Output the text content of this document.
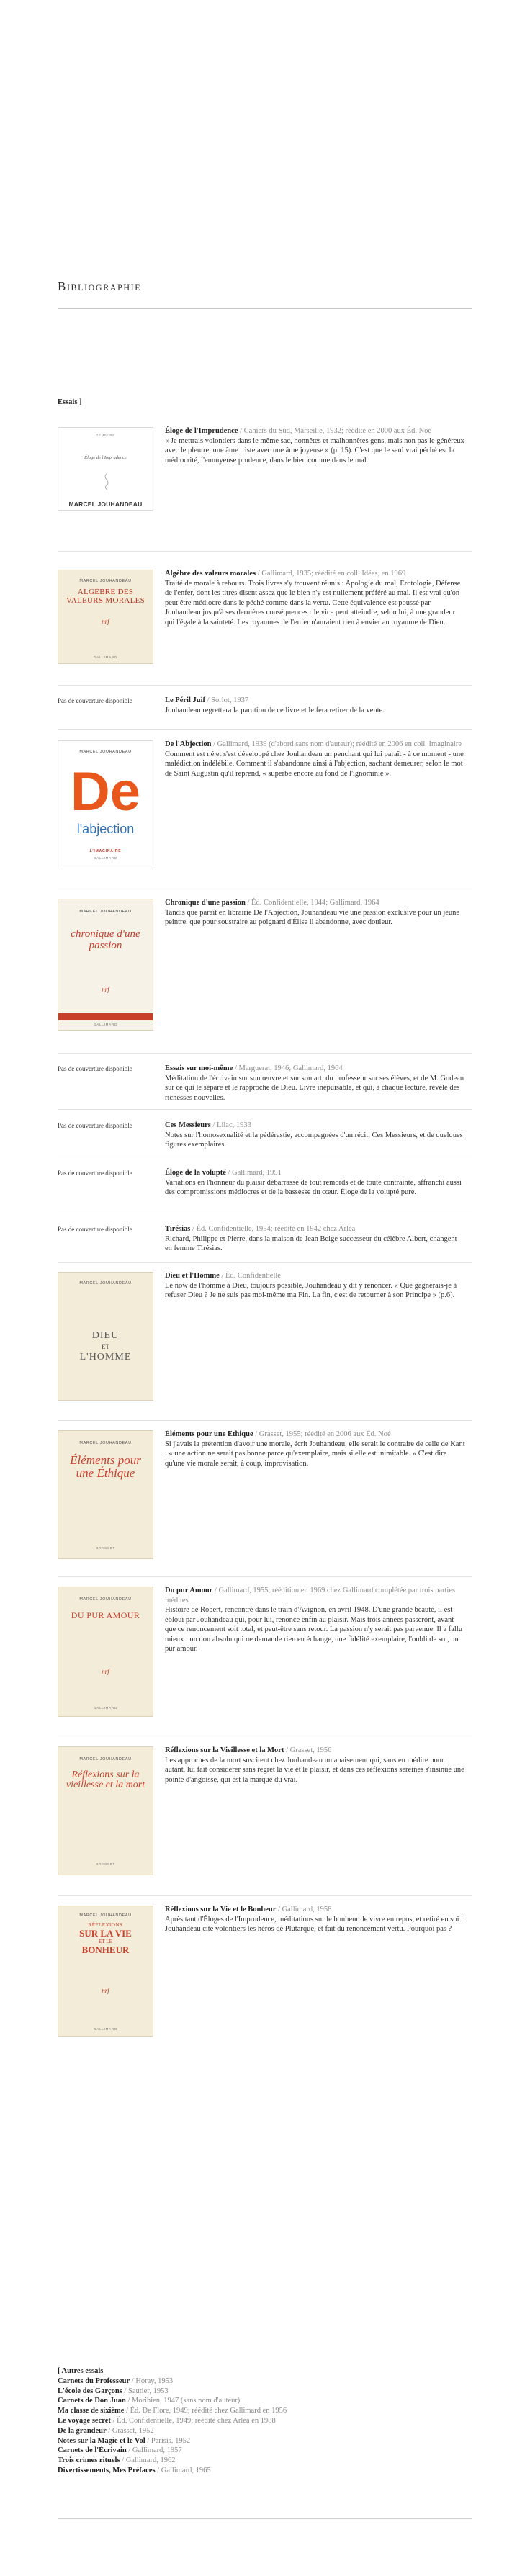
Bibliographie
Essais ]
DEMEURE
Éloge de l'Imprudence
MARCEL JOUHANDEAU
Éloge de l'Imprudence / Cahiers du Sud, Marseille, 1932; réédité en 2000 aux Éd. Noé
« Je mettrais volontiers dans le même sac, honnêtes et malhonnêtes gens, mais non pas le généreux avec le pleutre, une âme triste avec une âme joyeuse » (p. 15). C'est que le seul vrai péché est la médiocrité, l'ennuyeuse prudence, dans le bien comme dans le mal.
MARCEL JOUHANDEAU
ALGÈBRE DES VALEURS MORALES
nrf
GALLIMARD
Algèbre des valeurs morales / Gallimard, 1935; réédité en coll. Idées, en 1969
Traité de morale à rebours. Trois livres s'y trouvent réunis : Apologie du mal, Erotologie, Défense de l'enfer, dont les titres disent assez que le bien n'y est nullement préféré au mal. Il est vrai qu'on peut être médiocre dans le péché comme dans la vertu. Cette équivalence est poussé par Jouhandeau jusqu'à ses dernières conséquences : le vice peut atteindre, selon lui, à une grandeur qui l'égale à la sainteté. Les royaumes de l'enfer n'auraient rien à envier au royaume de Dieu.
Pas de couverture disponible	Le Péril Juif / Sorlot, 1937
Jouhandeau regrettera la parution de ce livre et le fera retirer de la vente.
MARCEL JOUHANDEAU
De
l'abjection
L'IMAGINAIRE
GALLIMARD
De l'Abjection / Gallimard, 1939 (d'abord sans nom d'auteur); réédité en 2006 en coll. Imaginaire
Comment est né et s'est développé chez Jouhandeau un penchant qui lui paraît - à ce moment - une malédiction indélébile. Comment il s'abandonne ainsi à l'abjection, sachant demeurer, selon le mot de Saint Augustin qu'il reprend, « superbe encore au fond de l'ignominie ».
MARCEL JOUHANDEAU
chronique d'une passion
nrf
GALLIMARD
Chronique d'une passion / Éd. Confidentielle, 1944; Gallimard, 1964
Tandis que paraît en librairie De l'Abjection, Jouhandeau vie une passion exclusive pour un jeune peintre, que pour soustraire au poignard d'Élise il abandonne, avec douleur.
Pas de couverture disponible	Essais sur moi-même / Marguerat, 1946; Gallimard, 1964
Méditation de l'écrivain sur son œuvre et sur son art, du professeur sur ses élèves, et de M. Godeau sur ce qui le sépare et le rapproche de Dieu. Livre inépuisable, et qui, à chaque lecture, révèle des richesses nouvelles.
Pas de couverture disponible	Ces Messieurs / Lilac, 1933
Notes sur l'homosexualité et la pédérastie, accompagnées d'un récit, Ces Messieurs, et de quelques figures exemplaires.
Pas de couverture disponible	Éloge de la volupté / Gallimard, 1951
Variations en l'honneur du plaisir débarrassé de tout remords et de toute contrainte, affranchi aussi des compromissions médiocres et de la bassesse du cœur. Éloge de la volupté pure.
Pas de couverture disponible	Tirésias / Éd. Confidentielle, 1954; réédité en 1942 chez Arléa
Richard, Philippe et Pierre, dans la maison de Jean Beige successeur du célèbre Albert, changent en femme Tirésias.
MARCEL JOUHANDEAU
DIEU
ET
L'HOMME
Dieu et l'Homme / Éd. Confidentielle
Le now de l'homme à Dieu, toujours possible, Jouhandeau y dit y renoncer. « Que gagnerais-je à refuser Dieu ? Je ne suis pas moi-même ma Fin. La fin, c'est de retourner à son Principe » (p.6).
MARCEL JOUHANDEAU
Éléments pour une Éthique
GRASSET
Éléments pour une Éthique / Grasset, 1955; réédité en 2006 aux Éd. Noé
Si j'avais la prétention d'avoir une morale, écrit Jouhandeau, elle serait le contraire de celle de Kant : « une action ne serait pas bonne parce qu'exemplaire, mais si elle est inimitable. » C'est dire qu'une vie morale serait, à coup, improvisation.
MARCEL JOUHANDEAU
DU PUR AMOUR
nrf
GALLIMARD
Du pur Amour / Gallimard, 1955; réédition en 1969 chez Gallimard complétée par trois parties inédites
Histoire de Robert, rencontré dans le train d'Avignon, en avril 1948. D'une grande beauté, il est ébloui par Jouhandeau qui, pour lui, renonce enfin au plaisir. Mais trois années passeront, avant que ce renoncement soit total, et peut-être sans retour. La passion n'y serait pas parvenue. Il a fallu mieux : un don absolu qui ne demande rien en échange, une fidélité exemplaire, l'oubli de soi, un pur amour.
MARCEL JOUHANDEAU
Réflexions sur la vieillesse et la mort
GRASSET
Réflexions sur la Vieillesse et la Mort / Grasset, 1956
Les approches de la mort suscitent chez Jouhandeau un apaisement qui, sans en médire pour autant, lui fait considérer sans regret la vie et le plaisir, et dans ces réflexions sereines s'insinue une pointe d'angoisse, qui est la marque du vrai.
MARCEL JOUHANDEAU
RÉFLEXIONS
SUR LA VIE
ET LE
BONHEUR
nrf
GALLIMARD
Réflexions sur la Vie et le Bonheur / Gallimard, 1958
Après tant d'Éloges de l'Imprudence, méditations sur le bonheur de vivre en repos, et retiré en soi : Jouhandeau cite volontiers les héros de Plutarque, et fait du renoncement vertu. Pourquoi pas ?
[ Autres essais
Carnets du Professeur / Horay, 1953
L'école des Garçons / Sautier, 1953
Carnets de Don Juan / Morihien, 1947 (sans nom d'auteur)
Ma classe de sixième / Éd. De Flore, 1949; réédité chez Gallimard en 1956
Le voyage secret / Éd. Confidentielle, 1949; réédité chez Arléa en 1988
De la grandeur / Grasset, 1952
Notes sur la Magie et le Vol / Parisis, 1952
Carnets de l'Écrivain / Gallimard, 1957
Trois crimes rituels / Gallimard, 1962
Divertissements, Mes Préfaces / Gallimard, 1965
